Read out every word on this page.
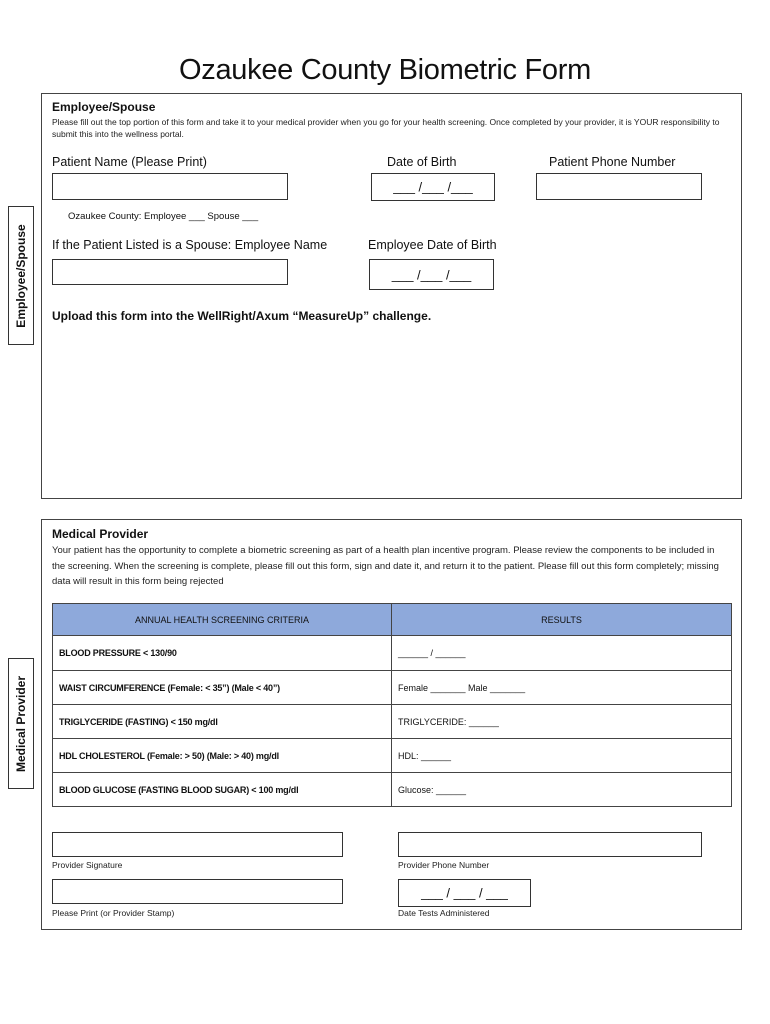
Ozaukee County Biometric Form
Employee/Spouse
Employee/Spouse
Please fill out the top portion of this form and take it to your medical provider when you go for your health screening. Once completed by your provider, it is YOUR responsibility to submit this into the wellness portal.
Patient Name (Please Print)	Date of Birth	Patient Phone Number
___ /___ /___
Ozaukee County: Employee ___ Spouse ___
If the Patient Listed is a Spouse: Employee Name	Employee Date of Birth
___ /___ /___
Upload this form into the WellRight/Axum “MeasureUp” challenge.
Medical Provider
Medical Provider
Your patient has the opportunity to complete a biometric screening as part of a health plan incentive program. Please review the components to be included in the screening. When the screening is complete, please fill out this form, sign and date it, and return it to the patient. Please fill out this form completely; missing data will result in this form being rejected
ANNUAL HEALTH SCREENING CRITERIA	RESULTS
BLOOD PRESSURE < 130/90	______ / ______
WAIST CIRCUMFERENCE (Female: < 35”) (Male < 40”)	Female _______ Male _______
TRIGLYCERIDE (FASTING) < 150 mg/dl	TRIGLYCERIDE: ______
HDL CHOLESTEROL (Female: > 50) (Male: > 40) mg/dl	HDL: ______
BLOOD GLUCOSE (FASTING BLOOD SUGAR) < 100 mg/dl	Glucose: ______
Provider Signature	Provider Phone Number
Please Print (or Provider Stamp)
___ / ___ / ___
Date Tests Administered
